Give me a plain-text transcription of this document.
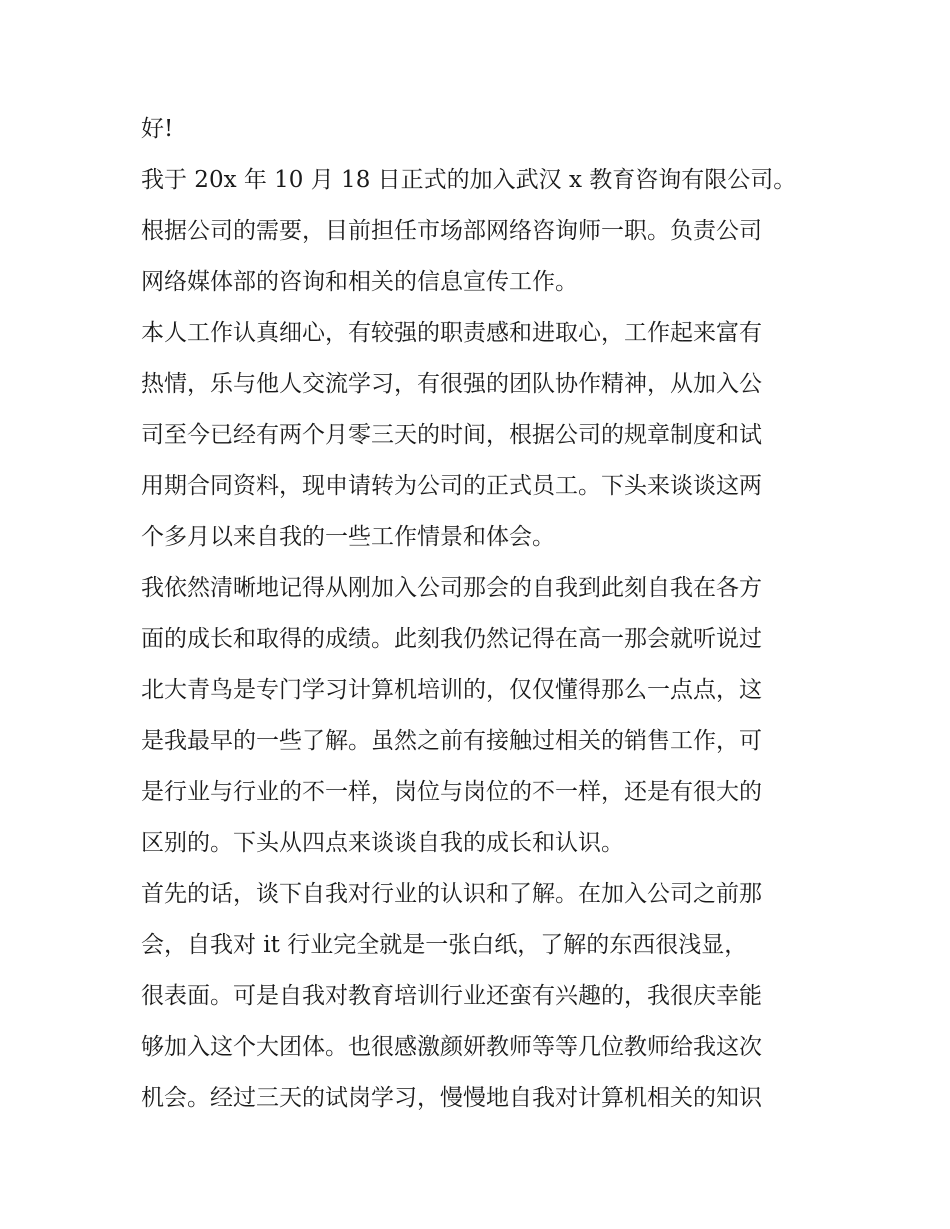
好!
我于 20x 年 10 月 18 日正式的加入武汉 x 教育咨询有限公司。
根据公司的需要，目前担任市场部网络咨询师一职。负责公司
网络媒体部的咨询和相关的信息宣传工作。
本人工作认真细心，有较强的职责感和进取心，工作起来富有
热情，乐与他人交流学习，有很强的团队协作精神，从加入公
司至今已经有两个月零三天的时间，根据公司的规章制度和试
用期合同资料，现申请转为公司的正式员工。下头来谈谈这两
个多月以来自我的一些工作情景和体会。
我依然清晰地记得从刚加入公司那会的自我到此刻自我在各方
面的成长和取得的成绩。此刻我仍然记得在高一那会就听说过
北大青鸟是专门学习计算机培训的，仅仅懂得那么一点点，这
是我最早的一些了解。虽然之前有接触过相关的销售工作，可
是行业与行业的不一样，岗位与岗位的不一样，还是有很大的
区别的。下头从四点来谈谈自我的成长和认识。
首先的话，谈下自我对行业的认识和了解。在加入公司之前那
会，自我对 it 行业完全就是一张白纸，了解的东西很浅显，
很表面。可是自我对教育培训行业还蛮有兴趣的，我很庆幸能
够加入这个大团体。也很感激颜妍教师等等几位教师给我这次
机会。经过三天的试岗学习，慢慢地自我对计算机相关的知识
